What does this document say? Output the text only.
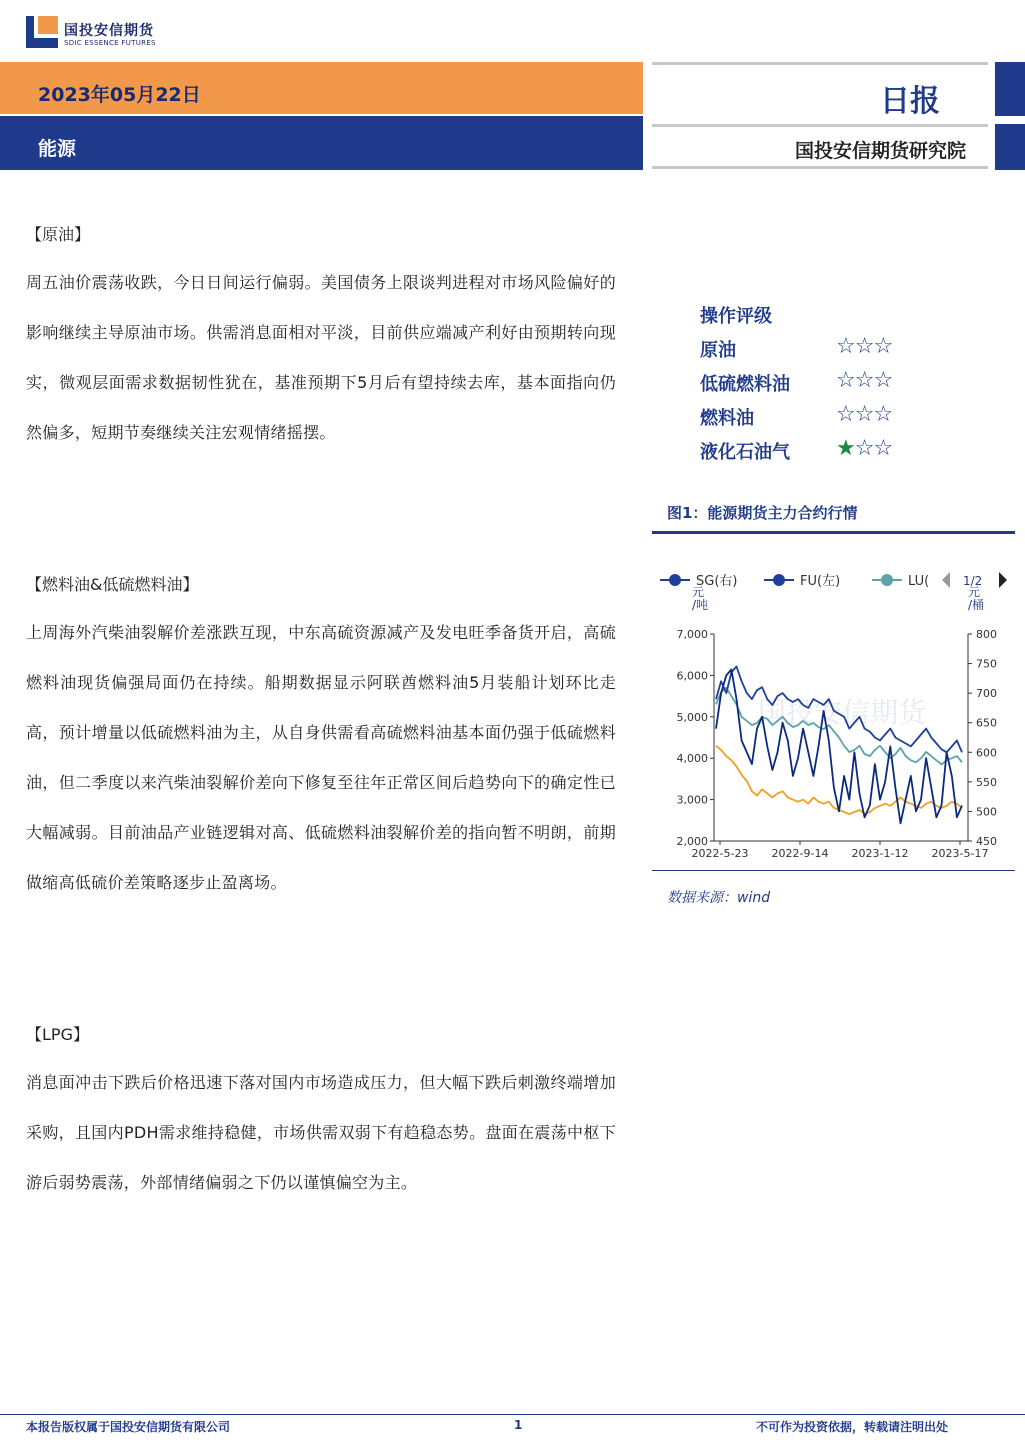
国投安信期货
SDIC ESSENCE FUTURES
2023年05月22日
能源
日报
国投安信期货研究院
【原油】
周五油价震荡收跌，今日日间运行偏弱。美国债务上限谈判进程对市场风险偏好的影响继续主导原油市场。供需消息面相对平淡，目前供应端减产利好由预期转向现实，微观层面需求数据韧性犹在，基准预期下5月后有望持续去库，基本面指向仍然偏多，短期节奏继续关注宏观情绪摇摆。
【燃料油&低硫燃料油】
上周海外汽柴油裂解价差涨跌互现，中东高硫资源减产及发电旺季备货开启，高硫燃料油现货偏强局面仍在持续。船期数据显示阿联酋燃料油5月装船计划环比走高，预计增量以低硫燃料油为主，从自身供需看高硫燃料油基本面仍强于低硫燃料油，但二季度以来汽柴油裂解价差向下修复至往年正常区间后趋势向下的确定性已大幅减弱。目前油品产业链逻辑对高、低硫燃料油裂解价差的指向暂不明朗，前期做缩高低硫价差策略逐步止盈离场。
【LPG】
消息面冲击下跌后价格迅速下落对国内市场造成压力，但大幅下跌后刺激终端增加采购，且国内PDH需求维持稳健，市场供需双弱下有趋稳态势。盘面在震荡中枢下游后弱势震荡，外部情绪偏弱之下仍以谨慎偏空为主。
操作评级
原油	☆☆☆
低硫燃料油 ☆☆☆
燃料油	☆☆☆
液化石油气 ★☆☆
图1：能源期货主力合约行情
SG(右)	FU(左)	LU(	1/2
元/吨
元/桶
7,000
6,000
5,000
4,000
3,000
2,000
800
750
700
650
600
550
500
450
2022-5-23 2022-9-14 2023-1-12 2023-5-17
国投安信期货
数据来源：wind
本报告版权属于国投安信期货有限公司	1	不可作为投资依据，转载请注明出处
